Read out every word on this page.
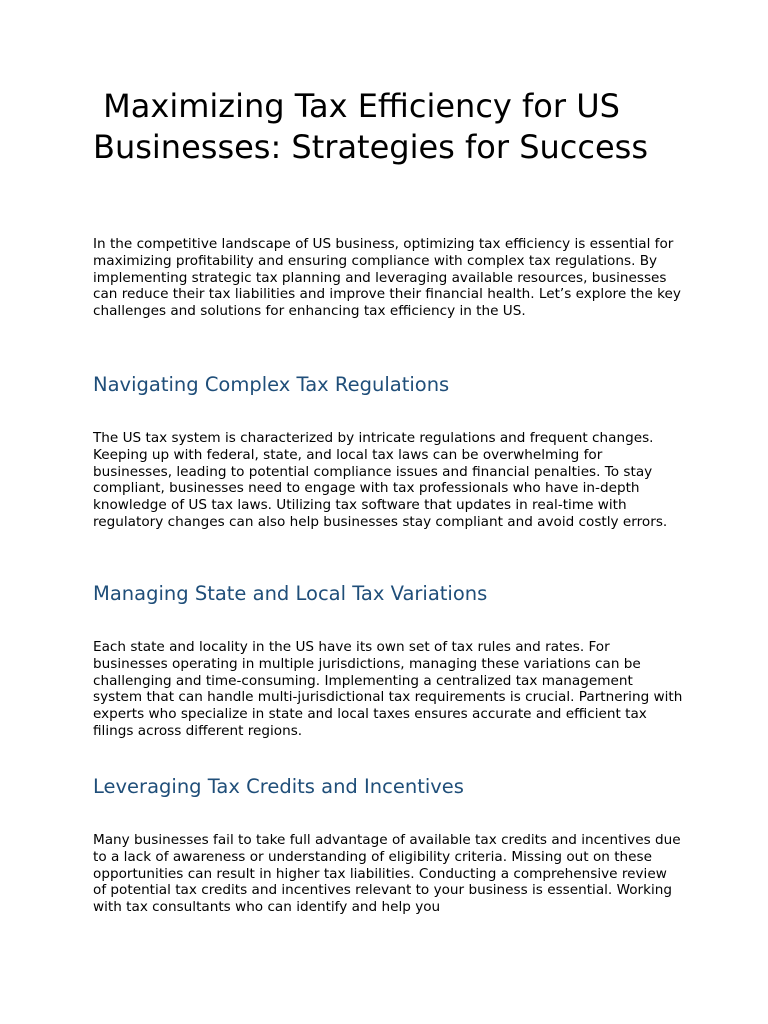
Maximizing Tax Efficiency for US Businesses: Strategies for Success

In the competitive landscape of US business, optimizing tax efficiency is essential for maximizing profitability and ensuring compliance with complex tax regulations. By implementing strategic tax planning and leveraging available resources, businesses can reduce their tax liabilities and improve their financial health. Let’s explore the key challenges and solutions for enhancing tax efficiency in the US.

Navigating Complex Tax Regulations

The US tax system is characterized by intricate regulations and frequent changes. Keeping up with federal, state, and local tax laws can be overwhelming for businesses, leading to potential compliance issues and financial penalties. To stay compliant, businesses need to engage with tax professionals who have in-depth knowledge of US tax laws. Utilizing tax software that updates in real-time with regulatory changes can also help businesses stay compliant and avoid costly errors.

Managing State and Local Tax Variations

Each state and locality in the US have its own set of tax rules and rates. For businesses operating in multiple jurisdictions, managing these variations can be challenging and time-consuming. Implementing a centralized tax management system that can handle multi-jurisdictional tax requirements is crucial. Partnering with experts who specialize in state and local taxes ensures accurate and efficient tax filings across different regions.

Leveraging Tax Credits and Incentives

Many businesses fail to take full advantage of available tax credits and incentives due to a lack of awareness or understanding of eligibility criteria. Missing out on these opportunities can result in higher tax liabilities. Conducting a comprehensive review of potential tax credits and incentives relevant to your business is essential. Working with tax consultants who can identify and help you
